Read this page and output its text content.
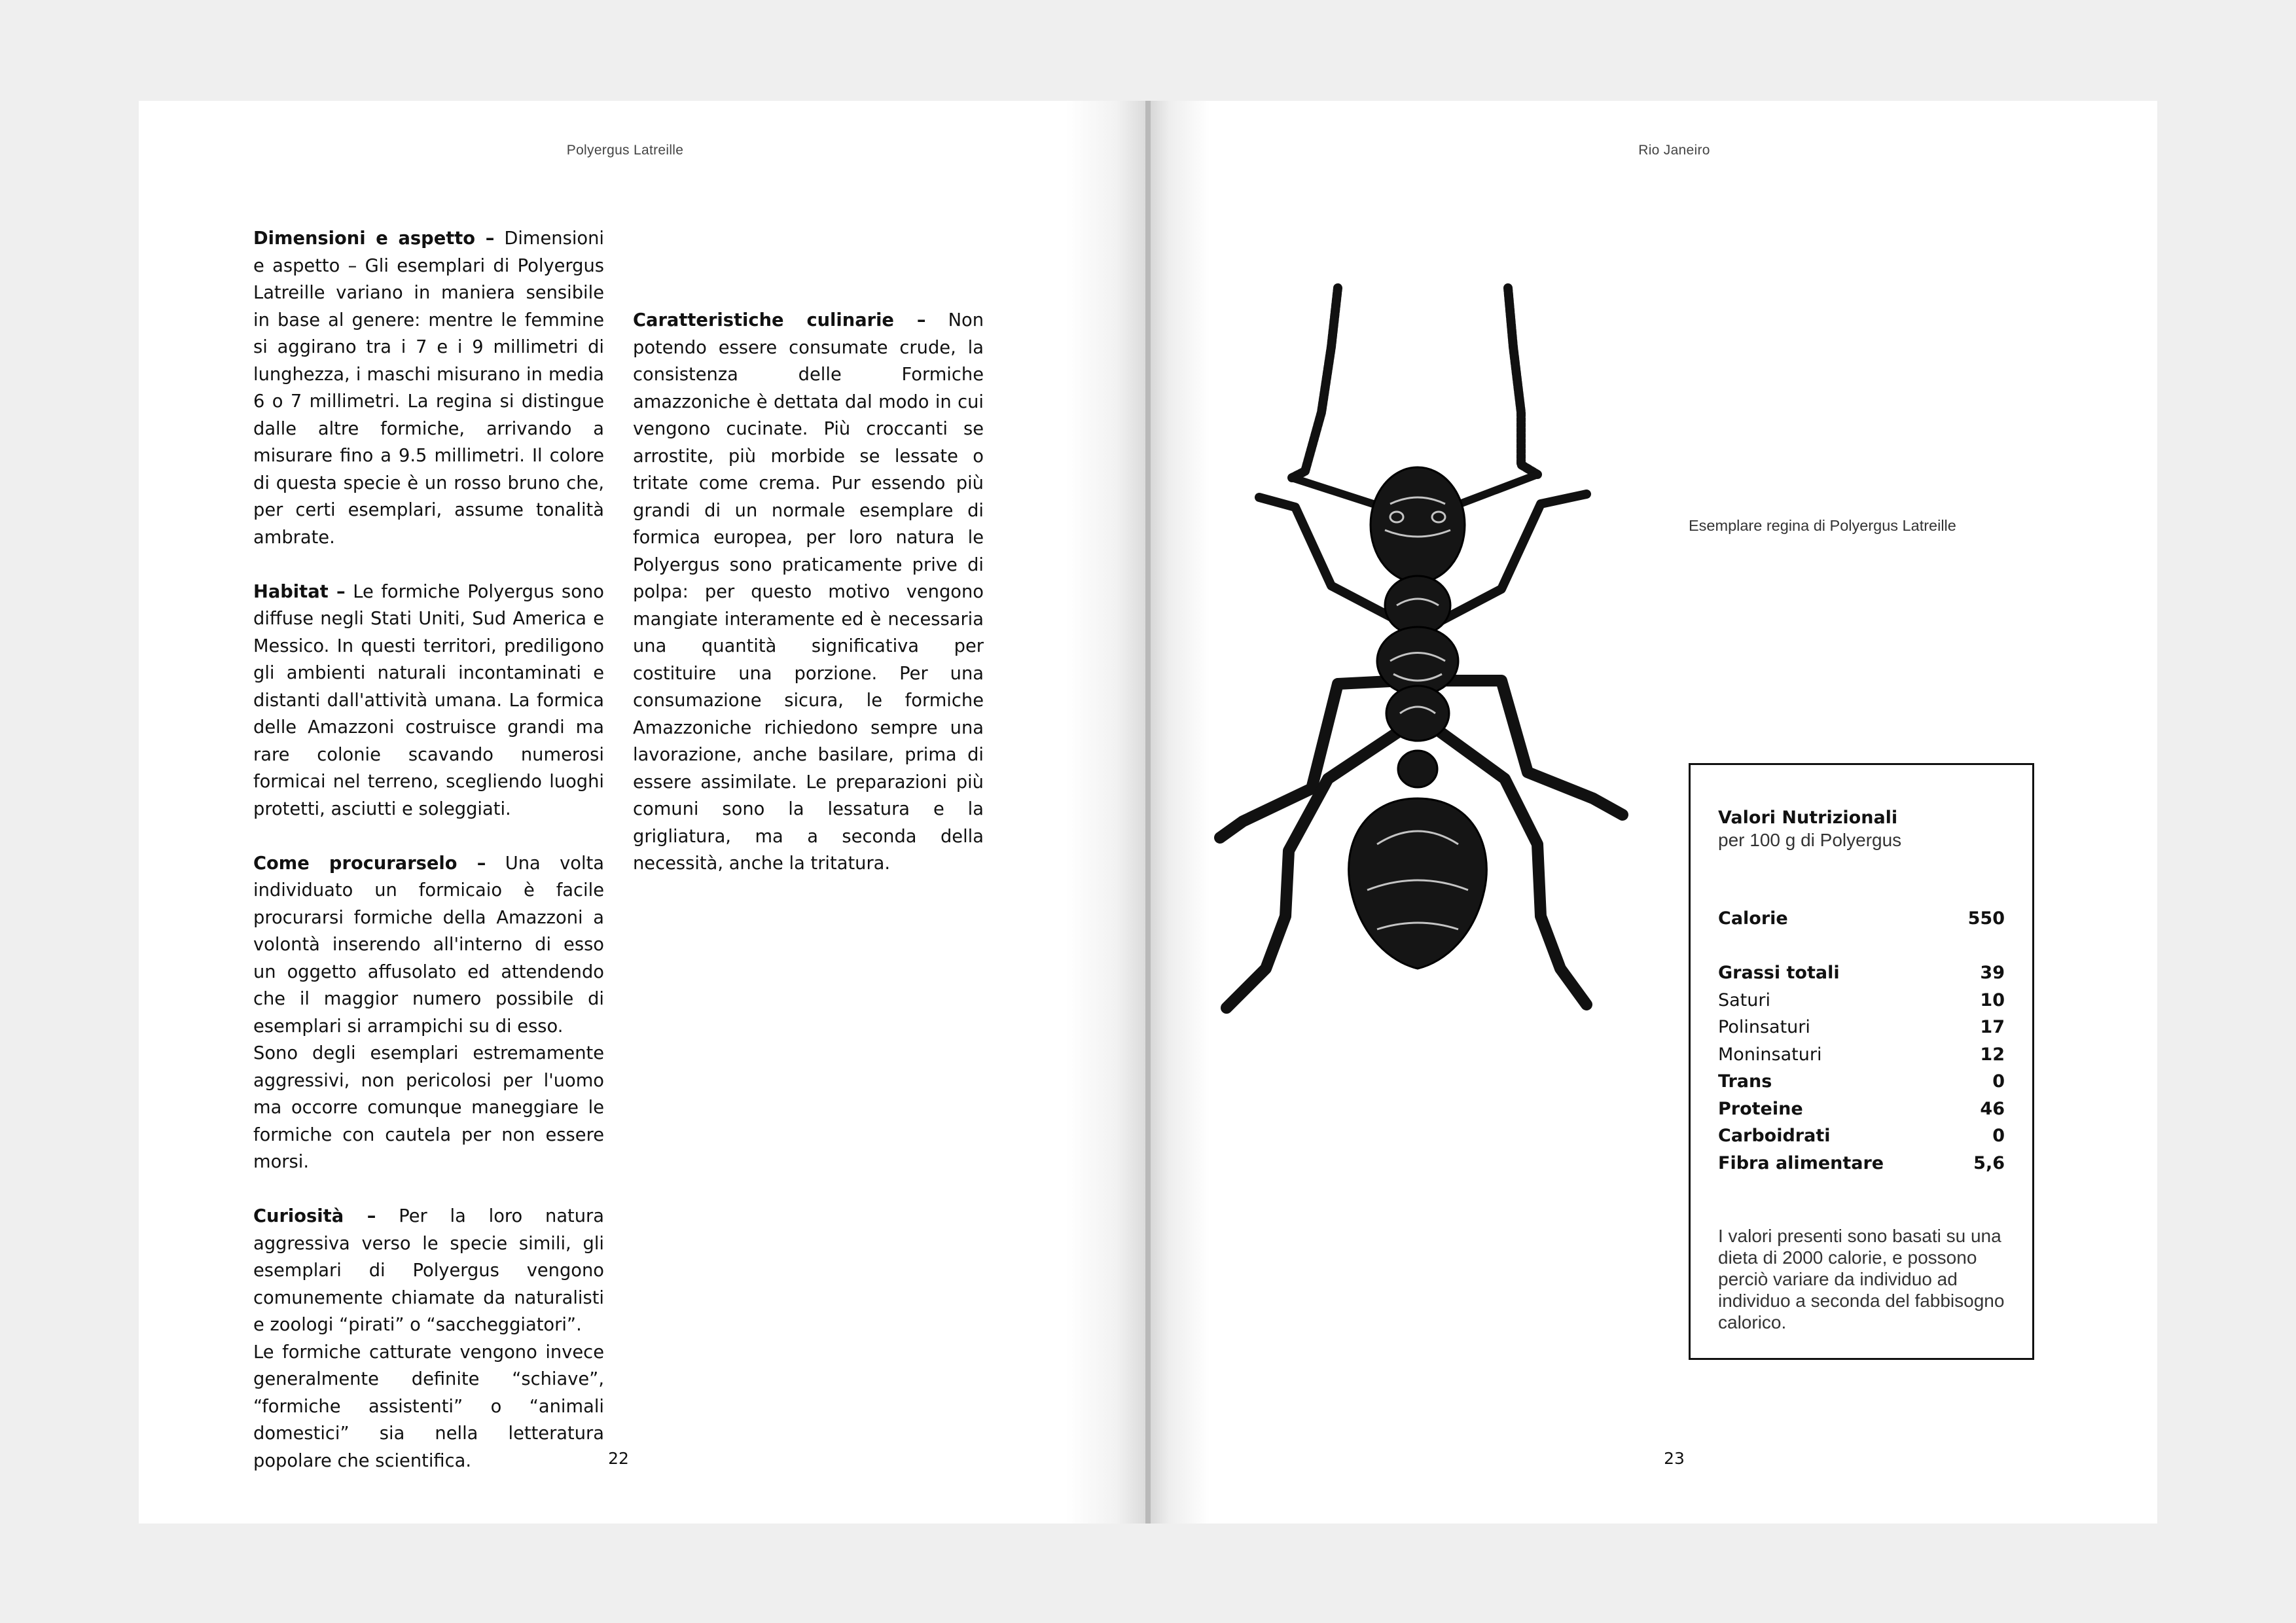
Polyergus Latreille	Rio Janeiro

Dimensioni e aspetto – Dimensioni e aspetto – Gli esemplari di Polyergus Latreille variano in maniera sensibile in base al genere: mentre le femmine si aggirano tra i 7 e i 9 millimetri di lunghezza, i maschi misurano in media 6 o 7 millimetri. La regina si distingue dalle altre formiche, arrivando a misurare fino a 9.5 millimetri. Il colore di questa specie è un rosso bruno che, per certi esemplari, assume tonalità ambrate.

Habitat – Le formiche Polyergus sono diffuse negli Stati Uniti, Sud America e Messico. In questi territori, prediligono gli ambienti naturali incontaminati e distanti dall'attività umana. La formica delle Amazzoni costruisce grandi ma rare colonie scavando numerosi formicai nel terreno, scegliendo luoghi protetti, asciutti e soleggiati.

Come procurarselo – Una volta individuato un formicaio è facile procurarsi formiche della Amazzoni a volontà inserendo all'interno di esso un oggetto affusolato ed attendendo che il maggior numero possibile di esemplari si arrampichi su di esso.

Sono degli esemplari estremamente aggressivi, non pericolosi per l'uomo ma occorre comunque maneggiare le formiche con cautela per non essere morsi.

Curiosità – Per la loro natura aggressiva verso le specie simili, gli esemplari di Polyergus vengono comunemente chiamate da naturalisti e zoologi “pirati” o “saccheggiatori”.

Le formiche catturate vengono invece generalmente definite “schiave”, “formiche assistenti” o “animali domestici” sia nella letteratura popolare che scientifica.

Caratteristiche culinarie – Non potendo essere consumate crude, la consistenza delle Formiche amazzoniche è dettata dal modo in cui vengono cucinate. Più croccanti se arrostite, più morbide se lessate o tritate come crema. Pur essendo più grandi di un normale esemplare di formica europea, per loro natura le Polyergus sono praticamente prive di polpa: per questo motivo vengono mangiate interamente ed è necessaria una quantità significativa per costituire una porzione. Per una consumazione sicura, le formiche Amazzoniche richiedono sempre una lavorazione, anche basilare, prima di essere assimilate. Le preparazioni più comuni sono la lessatura e la grigliatura, ma a seconda della necessità, anche la tritatura.

22	23
Esemplare regina di Polyergus Latreille
Valori Nutrizionali
per 100 g di Polyergus
Calorie	550
Grassi totali	39
Saturi	10
Polinsaturi	17
Moninsaturi	12
Trans	0
Proteine	46
Carboidrati	0
Fibra alimentare	5,6
I valori presenti sono basati su una dieta di 2000 calorie, e possono perciò variare da individuo ad individuo a seconda del fabbisogno calorico.
